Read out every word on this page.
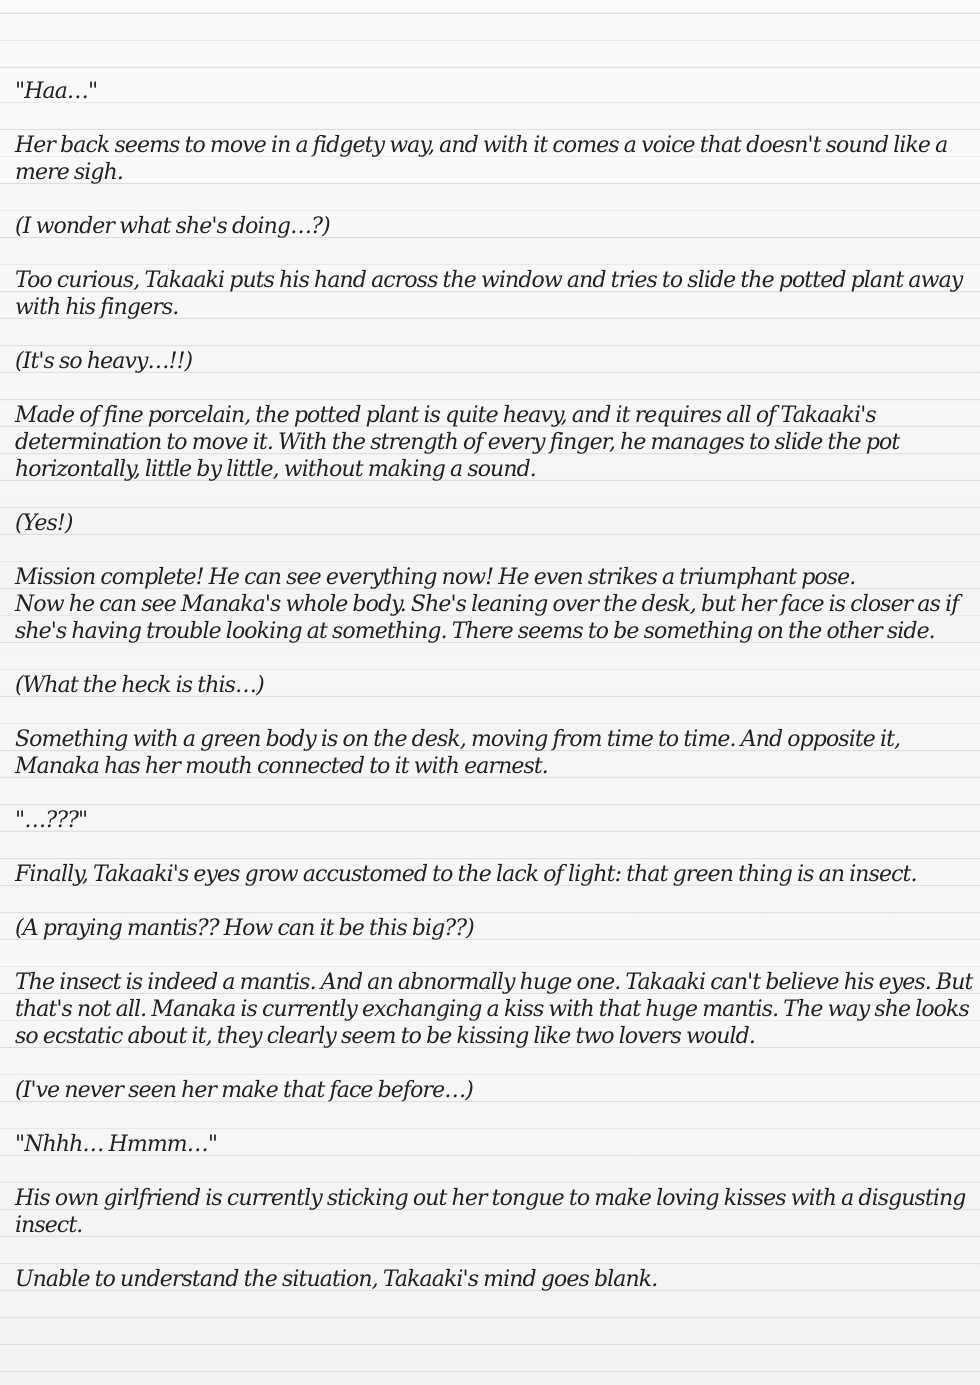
"Haa…"

Her back seems to move in a fidgety way, and with it comes a voice that doesn't sound like a mere sigh.

(I wonder what she's doing…?)

Too curious, Takaaki puts his hand across the window and tries to slide the potted plant away with his fingers.

(It's so heavy…!!)

Made of fine porcelain, the potted plant is quite heavy, and it requires all of Takaaki's determination to move it. With the strength of every finger, he manages to slide the pot horizontally, little by little, without making a sound.

(Yes!)

Mission complete! He can see everything now! He even strikes a triumphant pose.
Now he can see Manaka's whole body. She's leaning over the desk, but her face is closer as if she's having trouble looking at something. There seems to be something on the other side.

(What the heck is this…)

Something with a green body is on the desk, moving from time to time. And opposite it, Manaka has her mouth connected to it with earnest.

"…???"

Finally, Takaaki's eyes grow accustomed to the lack of light: that green thing is an insect.

(A praying mantis?? How can it be this big??)

The insect is indeed a mantis. And an abnormally huge one. Takaaki can't believe his eyes. But that's not all. Manaka is currently exchanging a kiss with that huge mantis. The way she looks so ecstatic about it, they clearly seem to be kissing like two lovers would.

(I've never seen her make that face before…)

"Nhhh… Hmmm…"

His own girlfriend is currently sticking out her tongue to make loving kisses with a disgusting insect.

Unable to understand the situation, Takaaki's mind goes blank.
